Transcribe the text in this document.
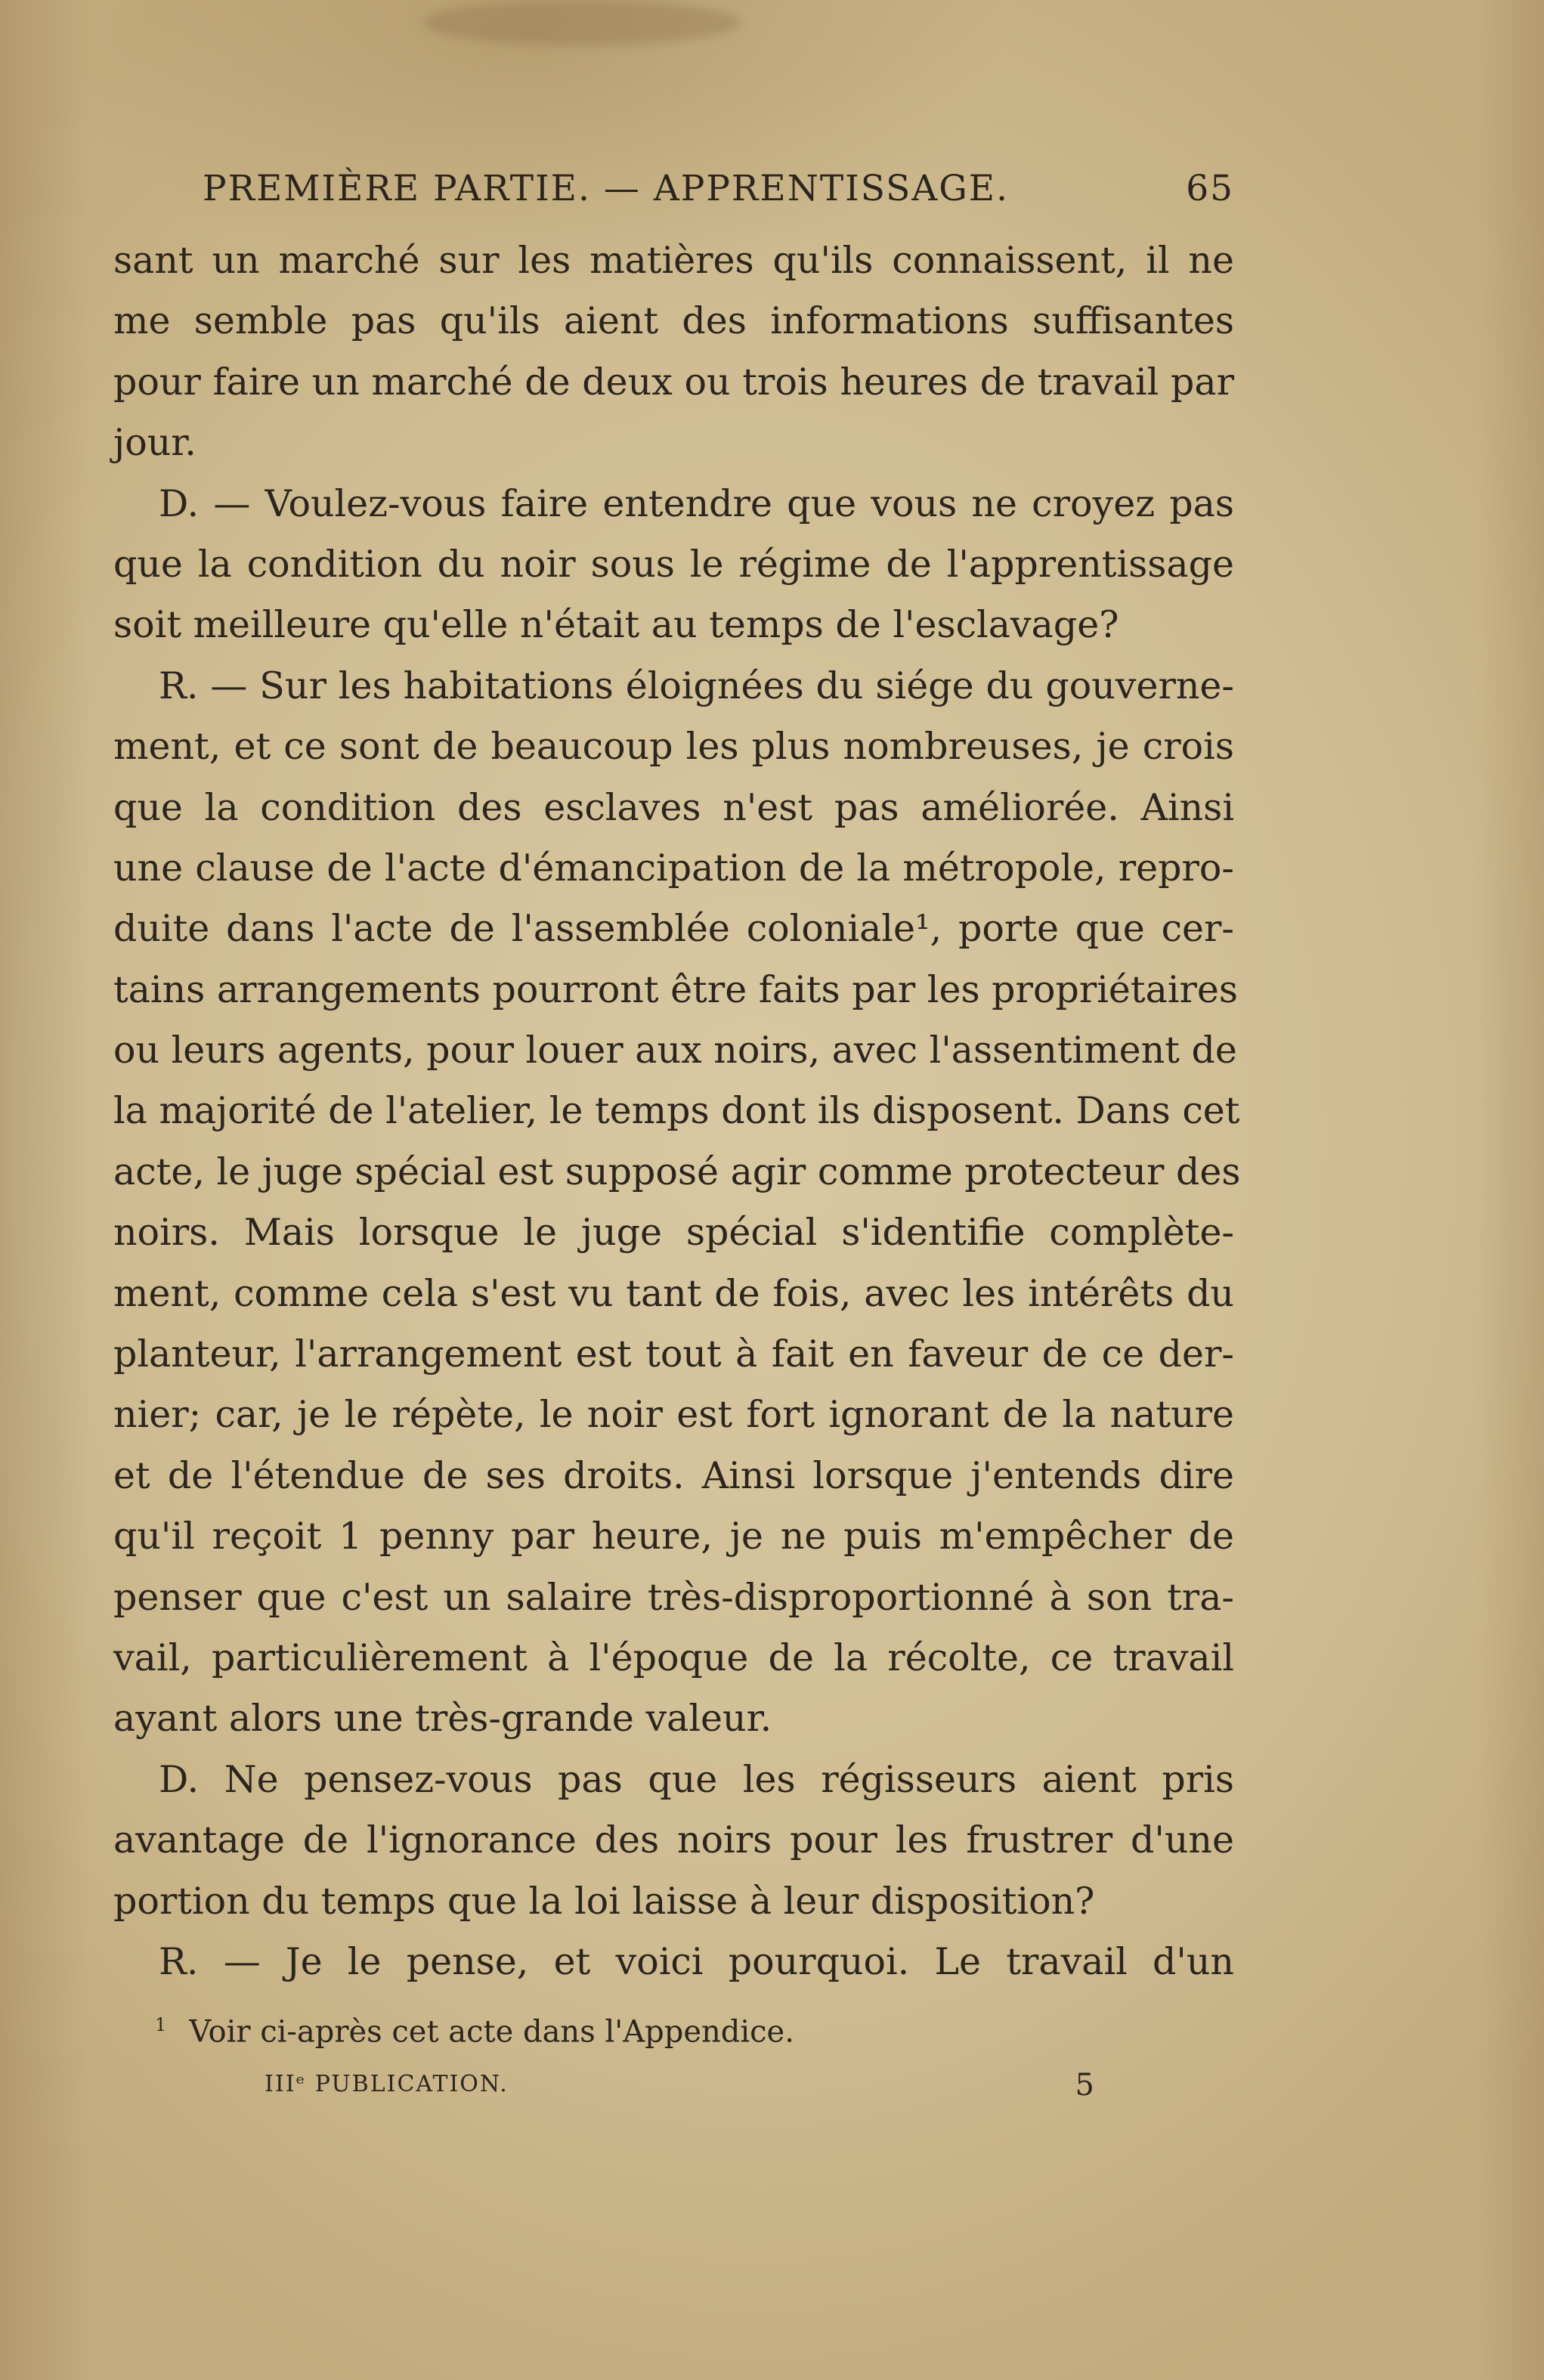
PREMIÈRE PARTIE. — APPRENTISSAGE.	65
sant un marché sur les matières qu'ils connaissent, il ne
me semble pas qu'ils aient des informations suffisantes
pour faire un marché de deux ou trois heures de travail par
jour.
D. — Voulez-vous faire entendre que vous ne croyez pas
que la condition du noir sous le régime de l'apprentissage
soit meilleure qu'elle n'était au temps de l'esclavage?
R. — Sur les habitations éloignées du siége du gouverne-
ment, et ce sont de beaucoup les plus nombreuses, je crois
que la condition des esclaves n'est pas améliorée. Ainsi
une clause de l'acte d'émancipation de la métropole, repro-
duite dans l'acte de l'assemblée coloniale¹, porte que cer-
tains arrangements pourront être faits par les propriétaires
ou leurs agents, pour louer aux noirs, avec l'assentiment de
la majorité de l'atelier, le temps dont ils disposent. Dans cet
acte, le juge spécial est supposé agir comme protecteur des
noirs. Mais lorsque le juge spécial s'identifie complète-
ment, comme cela s'est vu tant de fois, avec les intérêts du
planteur, l'arrangement est tout à fait en faveur de ce der-
nier; car, je le répète, le noir est fort ignorant de la nature
et de l'étendue de ses droits. Ainsi lorsque j'entends dire
qu'il reçoit 1 penny par heure, je ne puis m'empêcher de
penser que c'est un salaire très-disproportionné à son tra-
vail, particulièrement à l'époque de la récolte, ce travail
ayant alors une très-grande valeur.
D. Ne pensez-vous pas que les régisseurs aient pris
avantage de l'ignorance des noirs pour les frustrer d'une
portion du temps que la loi laisse à leur disposition?
R. — Je le pense, et voici pourquoi. Le travail d'un
$^1$ Voir ci-après cet acte dans l'Appendice.
IIIᵉ PUBLICATION.	5
